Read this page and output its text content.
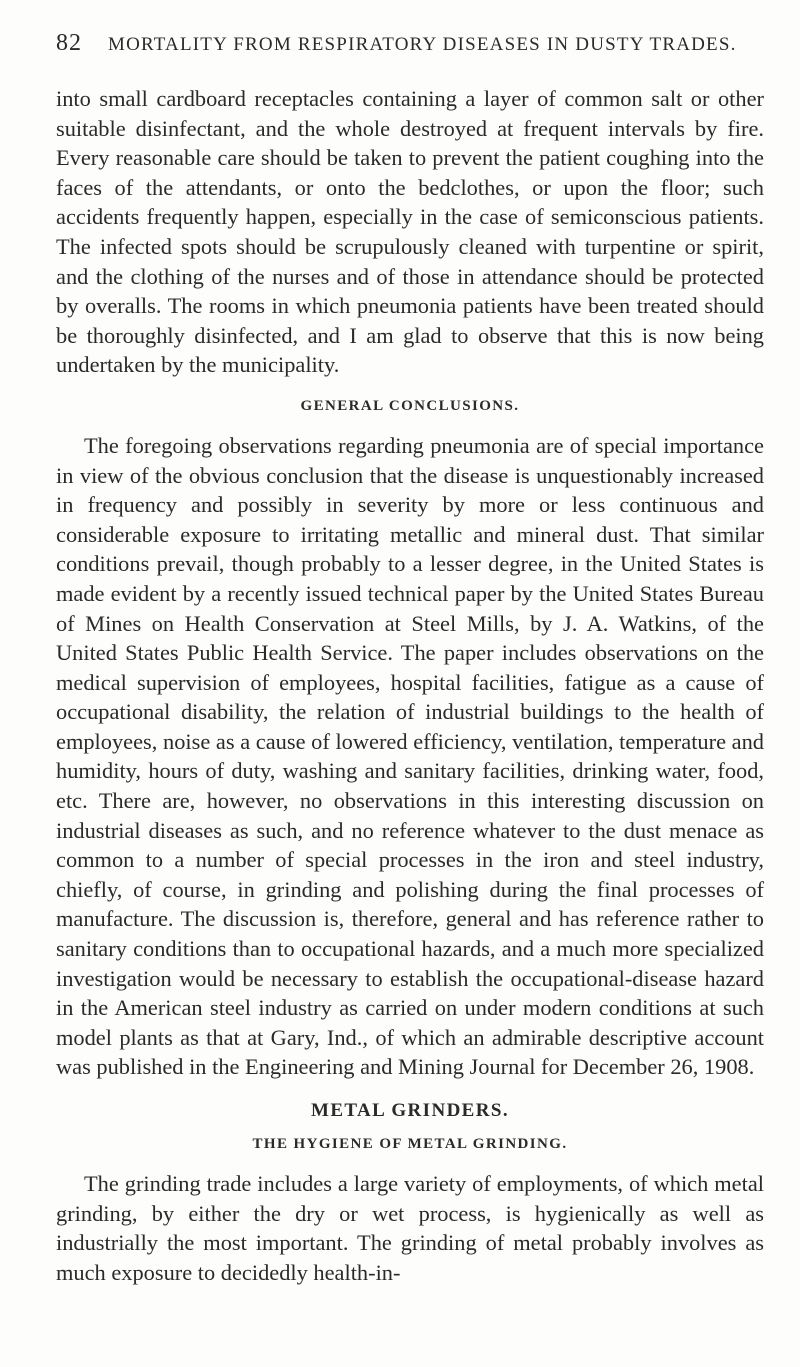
82 MORTALITY FROM RESPIRATORY DISEASES IN DUSTY TRADES.

into small cardboard receptacles containing a layer of common salt or other suitable disinfectant, and the whole destroyed at frequent intervals by fire. Every reasonable care should be taken to prevent the patient coughing into the faces of the attendants, or onto the bedclothes, or upon the floor; such accidents frequently happen, especially in the case of semiconscious patients. The infected spots should be scrupulously cleaned with turpentine or spirit, and the clothing of the nurses and of those in attendance should be protected by overalls. The rooms in which pneumonia patients have been treated should be thoroughly disinfected, and I am glad to observe that this is now being undertaken by the municipality.

GENERAL CONCLUSIONS.

The foregoing observations regarding pneumonia are of special importance in view of the obvious conclusion that the disease is unquestionably increased in frequency and possibly in severity by more or less continuous and considerable exposure to irritating metallic and mineral dust. That similar conditions prevail, though probably to a lesser degree, in the United States is made evident by a recently issued technical paper by the United States Bureau of Mines on Health Conservation at Steel Mills, by J. A. Watkins, of the United States Public Health Service. The paper includes observations on the medical supervision of employees, hospital facilities, fatigue as a cause of occupational disability, the relation of industrial buildings to the health of employees, noise as a cause of lowered efficiency, ventilation, temperature and humidity, hours of duty, washing and sanitary facilities, drinking water, food, etc. There are, however, no observations in this interesting discussion on industrial diseases as such, and no reference whatever to the dust menace as common to a number of special processes in the iron and steel industry, chiefly, of course, in grinding and polishing during the final processes of manufacture. The discussion is, therefore, general and has reference rather to sanitary conditions than to occupational hazards, and a much more specialized investigation would be necessary to establish the occupational-disease hazard in the American steel industry as carried on under modern conditions at such model plants as that at Gary, Ind., of which an admirable descriptive account was published in the Engineering and Mining Journal for December 26, 1908.

METAL GRINDERS.

THE HYGIENE OF METAL GRINDING.

The grinding trade includes a large variety of employments, of which metal grinding, by either the dry or wet process, is hygienically as well as industrially the most important. The grinding of metal probably involves as much exposure to decidedly health-in-
